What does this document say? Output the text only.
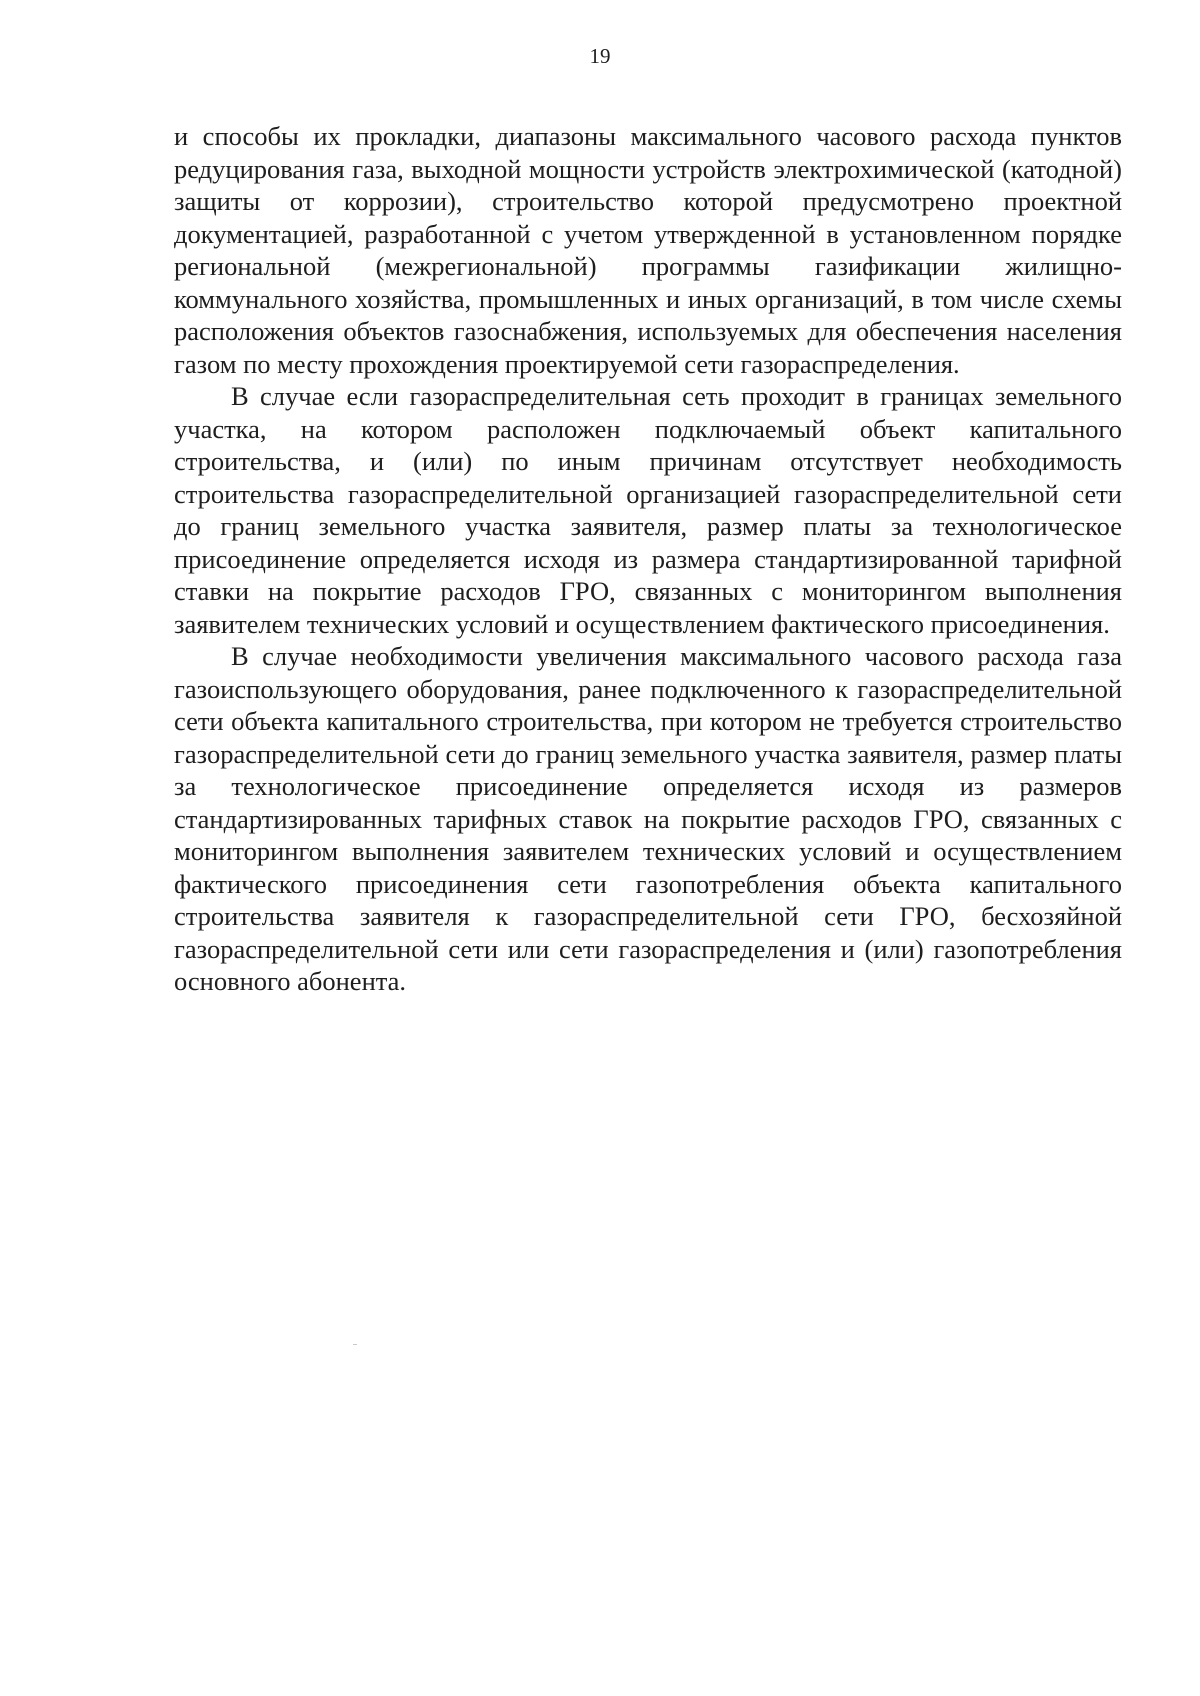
19

и способы их прокладки, диапазоны максимального часового расхода пунктов редуцирования газа, выходной мощности устройств электрохимической (катодной) защиты от коррозии), строительство которой предусмотрено проектной документацией, разработанной с учетом утвержденной в установленном порядке региональной (межрегиональной) программы газификации жилищно-коммунального хозяйства, промышленных и иных организаций, в том числе схемы расположения объектов газоснабжения, используемых для обеспечения населения газом по месту прохождения проектируемой сети газораспределения.

В случае если газораспределительная сеть проходит в границах земельного участка, на котором расположен подключаемый объект капитального строительства, и (или) по иным причинам отсутствует необходимость строительства газораспределительной организацией газораспределительной сети до границ земельного участка заявителя, размер платы за технологическое присоединение определяется исходя из размера стандартизированной тарифной ставки на покрытие расходов ГРО, связанных с мониторингом выполнения заявителем технических условий и осуществлением фактического присоединения.

В случае необходимости увеличения максимального часового расхода газа газоиспользующего оборудования, ранее подключенного к газораспределительной сети объекта капитального строительства, при котором не требуется строительство газораспределительной сети до границ земельного участка заявителя, размер платы за технологическое присоединение определяется исходя из размеров стандартизированных тарифных ставок на покрытие расходов ГРО, связанных с мониторингом выполнения заявителем технических условий и осуществлением фактического присоединения сети газопотребления объекта капитального строительства заявителя к газораспределительной сети ГРО, бесхозяйной газораспределительной сети или сети газораспределения и (или) газопотребления основного абонента.
